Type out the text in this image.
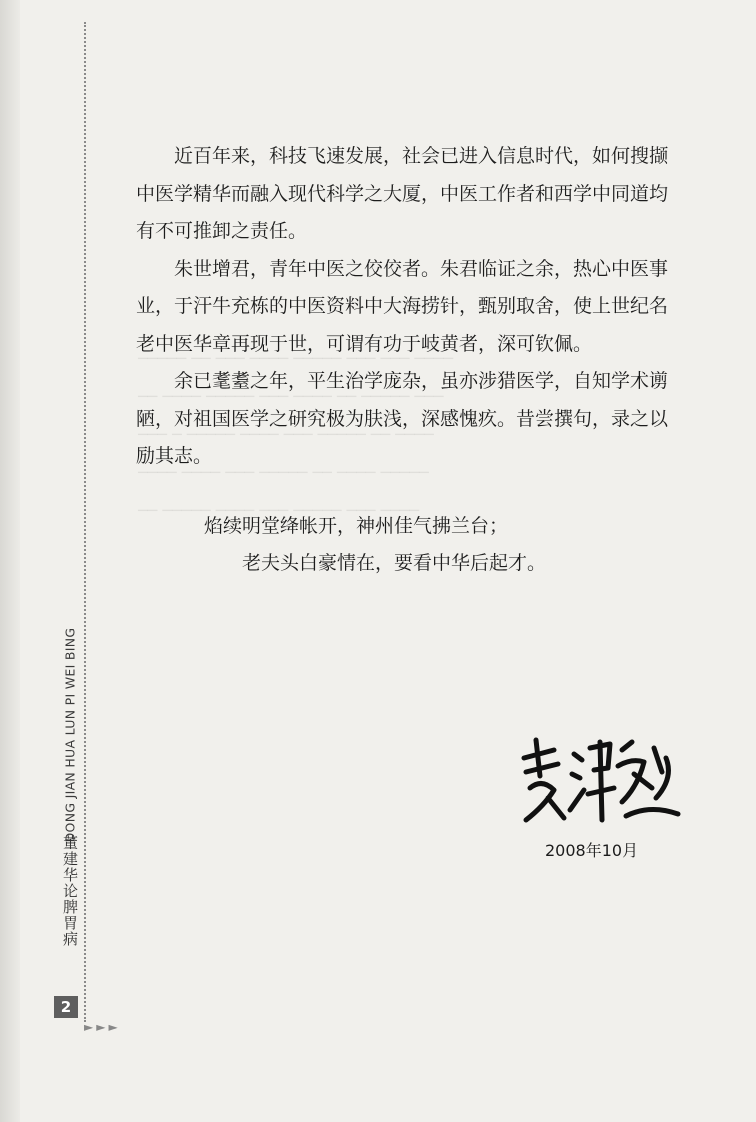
───── ── ─── ──── ───── ─── ─── ────

── ──── ───── ─── ──── ── ───── ───

─── ─ ───── ──── ─── ───── ── ────

──── ──── ─── ───── ── ──── ─────

── ───── ──── ─── ───── ─── ────

近百年来，科技飞速发展，社会已进入信息时代，如何搜撷中医学精华而融入现代科学之大厦，中医工作者和西学中同道均有不可推卸之责任。

朱世增君，青年中医之佼佼者。朱君临证之余，热心中医事业，于汗牛充栋的中医资料中大海捞针，甄别取舍，使上世纪名老中医华章再现于世，可谓有功于岐黄者，深可钦佩。

余已耄耋之年，平生治学庞杂，虽亦涉猎医学，自知学术谫陋，对祖国医学之研究极为肤浅，深感愧疚。昔尝撰句，录之以励其志。

焰续明堂绛帐开，神州佳气拂兰台；
老夫头白豪情在，要看中华后起才。
2008年10月
DONG JIAN HUA LUN PI WEI BING
董建华论脾胃病
2
►►►
